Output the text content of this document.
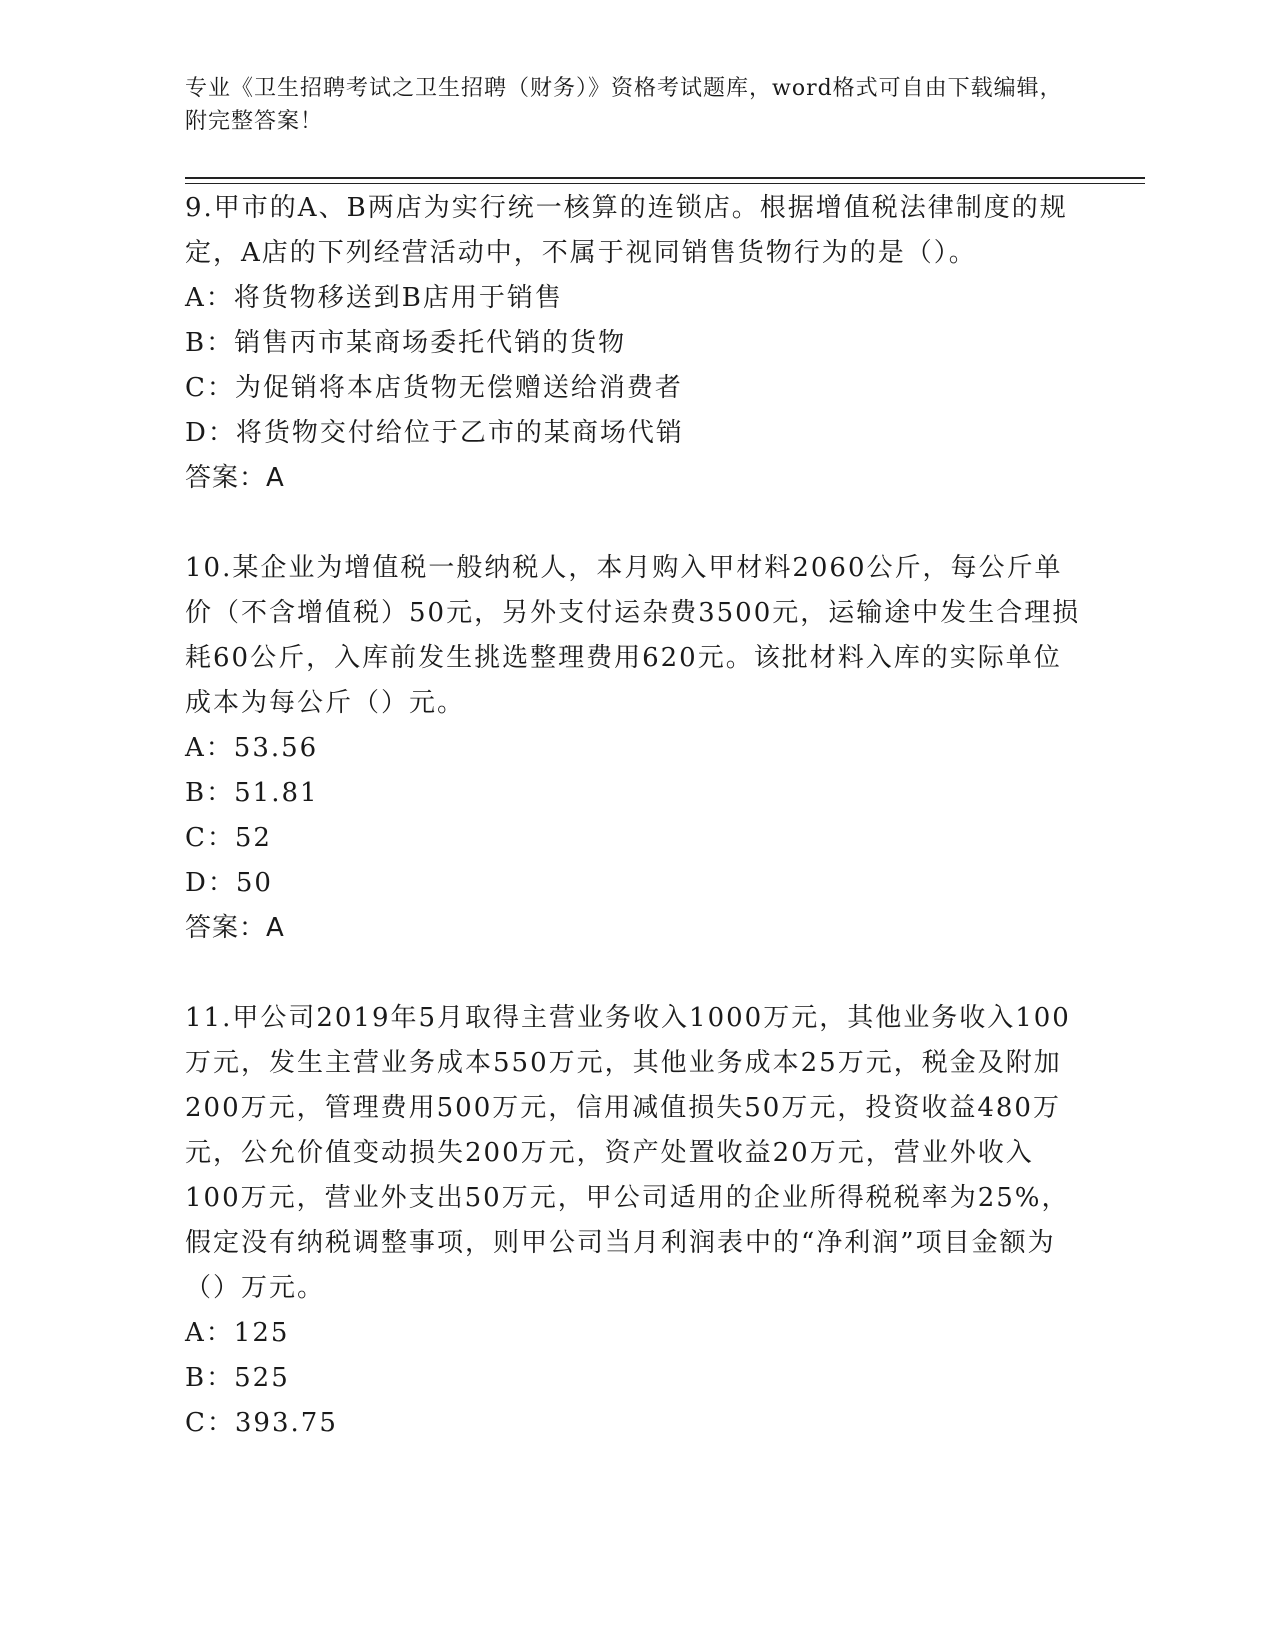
专业《卫生招聘考试之卫生招聘（财务）》资格考试题库，word格式可自由下载编辑，附完整答案！

9.甲市的A、B两店为实行统一核算的连锁店。根据增值税法律制度的规定，A店的下列经营活动中，不属于视同销售货物行为的是（）。

A：将货物移送到B店用于销售

B：销售丙市某商场委托代销的货物

C：为促销将本店货物无偿赠送给消费者

D：将货物交付给位于乙市的某商场代销

答案：A

10.某企业为增值税一般纳税人，本月购入甲材料2060公斤，每公斤单价（不含增值税）50元，另外支付运杂费3500元，运输途中发生合理损耗60公斤，入库前发生挑选整理费用620元。该批材料入库的实际单位成本为每公斤（）元。

A：53.56

B：51.81

C：52

D：50

答案：A

11.甲公司2019年5月取得主营业务收入1000万元，其他业务收入100万元，发生主营业务成本550万元，其他业务成本25万元，税金及附加200万元，管理费用500万元，信用减值损失50万元，投资收益480万元，公允价值变动损失200万元，资产处置收益20万元，营业外收入100万元，营业外支出50万元，甲公司适用的企业所得税税率为25%，假定没有纳税调整事项，则甲公司当月利润表中的“净利润”项目金额为（）万元。

A：125

B：525

C：393.75
